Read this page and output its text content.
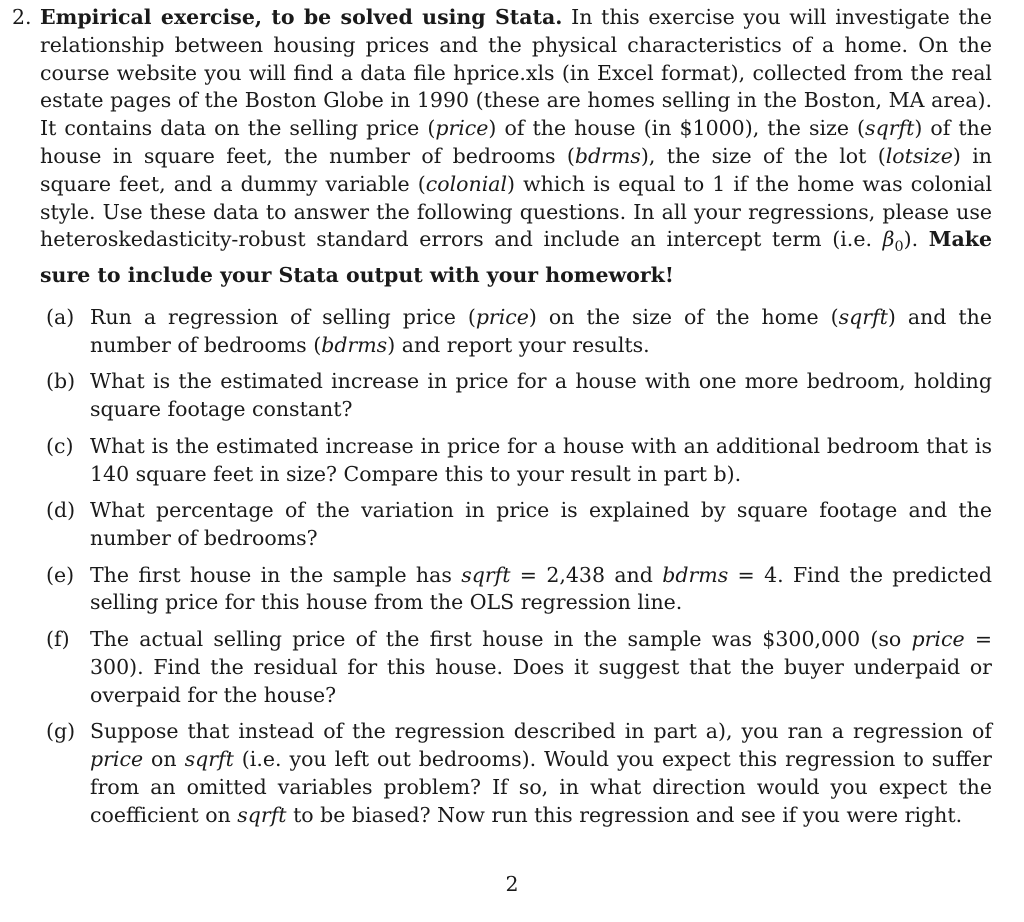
2. Empirical exercise, to be solved using Stata. In this exercise you will investigate the relationship between housing prices and the physical characteristics of a home. On the course website you will find a data file hprice.xls (in Excel format), collected from the real estate pages of the Boston Globe in 1990 (these are homes selling in the Boston, MA area). It contains data on the selling price (price) of the house (in $1000), the size (sqrft) of the house in square feet, the number of bedrooms (bdrms), the size of the lot (lotsize) in square feet, and a dummy variable (colonial) which is equal to 1 if the home was colonial style. Use these data to answer the following questions. In all your regressions, please use heteroskedasticity-robust standard errors and include an intercept term (i.e. $\beta_0$). Make sure to include your Stata output with your homework!
(a) Run a regression of selling price (price) on the size of the home (sqrft) and the number of bedrooms (bdrms) and report your results.
(b) What is the estimated increase in price for a house with one more bedroom, holding square footage constant?
(c) What is the estimated increase in price for a house with an additional bedroom that is 140 square feet in size? Compare this to your result in part b).
(d) What percentage of the variation in price is explained by square footage and the number of bedrooms?
(e) The first house in the sample has sqrft = 2,438 and bdrms = 4. Find the predicted selling price for this house from the OLS regression line.
(f) The actual selling price of the first house in the sample was $300,000 (so price = 300). Find the residual for this house. Does it suggest that the buyer underpaid or overpaid for the house?
(g) Suppose that instead of the regression described in part a), you ran a regression of price on sqrft (i.e. you left out bedrooms). Would you expect this regression to suffer from an omitted variables problem? If so, in what direction would you expect the coefficient on sqrft to be biased? Now run this regression and see if you were right.
2
